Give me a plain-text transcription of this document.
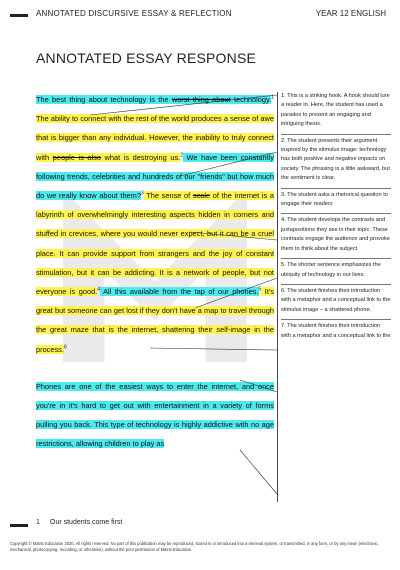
ANNOTATED DISCURSIVE ESSAY & REFLECTION	YEAR 12 ENGLISH
ANNOTATED ESSAY RESPONSE

The best thing about technology is the worst thing about technology.$^1$ The ability to connect with the rest of the world produces a sense of awe that is bigger than any individual. However, the inability to truly connect with people is also what is destroying us.$^2$ We have been constantly following trends, celebrities and hundreds of our "friends" but how much do we really know about them?$^3$ The sense of scale of the internet is a labyrinth of overwhelmingly interesting aspects hidden in corners and stuffed in crevices, where you would never expect, but it can be a cruel place. It can provide support from strangers and the joy of constant stimulation, but it can be addicting. It is a network of people, but not everyone is good.$^4$ All this available from the tap of our phones.$^5$ It's great but someone can get lost if they don't have a map to travel through the great maze that is the internet, shattering their self-image in the process.$^6$

Phones are one of the easiest ways to enter the internet, and once you're in it's hard to get out with entertainment in a variety of forms pulling you back. This type of technology is highly addictive with no age restrictions, allowing children to play as

1. This is a striking hook. A hook should lure a reader in. Here, the student has used a paradox to present an engaging and intriguing thesis.

2. The student presents their argument inspired by the stimulus image: technology has both positive and negative impacts on society. The phrasing is a little awkward, but the sentiment is clear.

3. The student asks a rhetorical question to engage their readers

4. The student develops the contrasts and juxtapositions they see in their topic. These contrasts engage the audience and provoke them to think about the subject

5. The shorter sentence emphasizes the ubiquity of technology in our lives.

6. The student finishes their introduction with a metaphor and a conceptual link to the stimulus image – a shattered phone.

7. The student finishes their introduction with a metaphor and a conceptual link to the

1 Our students come first
Copyright © Matrix Education 2020. All rights reserved. No part of this publication may be reproduced, stored in or introduced into a retrieval system, or transmitted, in any form, or by any mean (electronic, mechanical, photocopying, recording, or otherwise), without the prior permission of Matrix Education.
